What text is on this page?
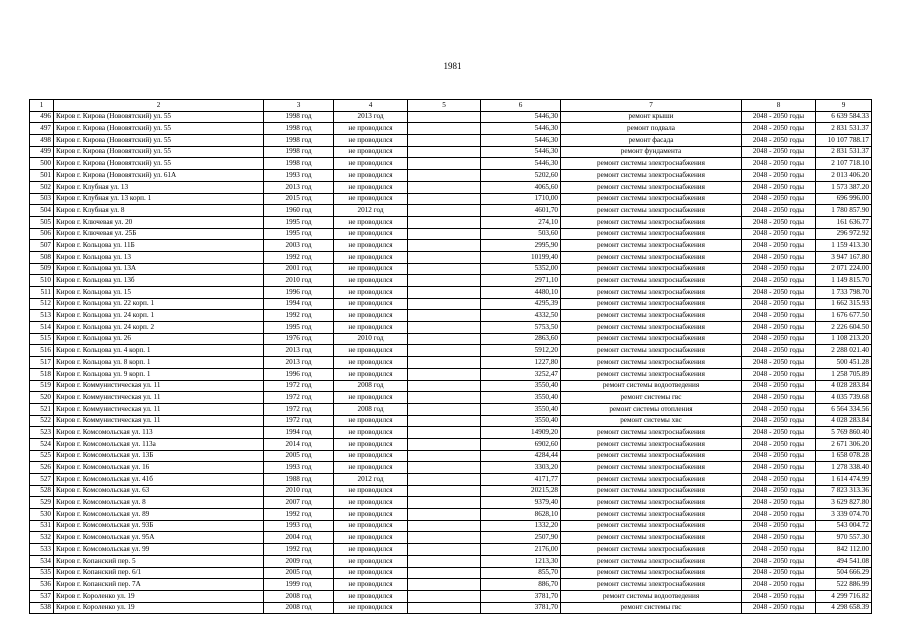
1981
1	2	3	4	5	6	7	8	9
496	Киров г. Кирова (Нововятский) ул. 55	1998 год	2013 год		5446,30	ремонт крыши	2048 - 2050 годы	6 639 584.33
497	Киров г. Кирова (Нововятский) ул. 55	1998 год	не проводился		5446,30	ремонт подвала	2048 - 2050 годы	2 831 531.37
498	Киров г. Кирова (Нововятский) ул. 55	1998 год	не проводился		5446,30	ремонт фасада	2048 - 2050 годы	10 107 788.17
499	Киров г. Кирова (Нововятский) ул. 55	1998 год	не проводился		5446,30	ремонт фундамента	2048 - 2050 годы	2 831 531.37
500	Киров г. Кирова (Нововятский) ул. 55	1998 год	не проводился		5446,30	ремонт системы электроснабжения	2048 - 2050 годы	2 107 718.10
501	Киров г. Кирова (Нововятский) ул. 61А	1993 год	не проводился		5202,60	ремонт системы электроснабжения	2048 - 2050 годы	2 013 406.20
502	Киров г. Клубная ул. 13	2013 год	не проводился		4065,60	ремонт системы электроснабжения	2048 - 2050 годы	1 573 387.20
503	Киров г. Клубная ул. 13 корп. 1	2015 год	не проводился		1710,00	ремонт системы электроснабжения	2048 - 2050 годы	696 996.00
504	Киров г. Клубная ул. 8	1960 год	2012 год		4601,70	ремонт системы электроснабжения	2048 - 2050 годы	1 780 857.90
505	Киров г. Ключевая ул. 20	1995 год	не проводился		274,10	ремонт системы электроснабжения	2048 - 2050 годы	161 636.77
506	Киров г. Ключевая ул. 25Б	1995 год	не проводился		503,60	ремонт системы электроснабжения	2048 - 2050 годы	296 972.92
507	Киров г. Кольцова ул. 11Б	2003 год	не проводился		2995,90	ремонт системы электроснабжения	2048 - 2050 годы	1 159 413.30
508	Киров г. Кольцова ул. 13	1992 год	не проводился		10199,40	ремонт системы электроснабжения	2048 - 2050 годы	3 947 167.80
509	Киров г. Кольцова ул. 13А	2001 год	не проводился		5352,00	ремонт системы электроснабжения	2048 - 2050 годы	2 071 224.00
510	Киров г. Кольцова ул. 13б	2010 год	не проводился		2971,10	ремонт системы электроснабжения	2048 - 2050 годы	1 149 815.70
511	Киров г. Кольцова ул. 15	1996 год	не проводился		4480,10	ремонт системы электроснабжения	2048 - 2050 годы	1 733 798.70
512	Киров г. Кольцова ул. 22 корп. 1	1994 год	не проводился		4295,39	ремонт системы электроснабжения	2048 - 2050 годы	1 662 315.93
513	Киров г. Кольцова ул. 24 корп. 1	1992 год	не проводился		4332,50	ремонт системы электроснабжения	2048 - 2050 годы	1 676 677.50
514	Киров г. Кольцова ул. 24 корп. 2	1995 год	не проводился		5753,50	ремонт системы электроснабжения	2048 - 2050 годы	2 226 604.50
515	Киров г. Кольцова ул. 26	1976 год	2010 год		2863,60	ремонт системы электроснабжения	2048 - 2050 годы	1 108 213.20
516	Киров г. Кольцова ул. 4 корп. 1	2013 год	не проводился		5912,20	ремонт системы электроснабжения	2048 - 2050 годы	2 288 021.40
517	Киров г. Кольцова ул. 8 корп. 1	2013 год	не проводился		1227,80	ремонт системы электроснабжения	2048 - 2050 годы	500 451.28
518	Киров г. Кольцова ул. 9 корп. 1	1996 год	не проводился		3252,47	ремонт системы электроснабжения	2048 - 2050 годы	1 258 705.89
519	Киров г. Коммунистическая ул. 11	1972 год	2008 год		3550,40	ремонт системы водоотведения	2048 - 2050 годы	4 028 283.84
520	Киров г. Коммунистическая ул. 11	1972 год	не проводился		3550,40	ремонт системы гвс	2048 - 2050 годы	4 035 739.68
521	Киров г. Коммунистическая ул. 11	1972 год	2008 год		3550,40	ремонт системы отопления	2048 - 2050 годы	6 564 334.56
522	Киров г. Коммунистическая ул. 11	1972 год	не проводился		3550,40	ремонт системы хвс	2048 - 2050 годы	4 028 283.84
523	Киров г. Комсомольская ул. 113	1994 год	не проводился		14909,20	ремонт системы электроснабжения	2048 - 2050 годы	5 769 860.40
524	Киров г. Комсомольская ул. 113а	2014 год	не проводился		6902,60	ремонт системы электроснабжения	2048 - 2050 годы	2 671 306.20
525	Киров г. Комсомольская ул. 13Б	2005 год	не проводился		4284,44	ремонт системы электроснабжения	2048 - 2050 годы	1 658 078.28
526	Киров г. Комсомольская ул. 16	1993 год	не проводился		3303,20	ремонт системы электроснабжения	2048 - 2050 годы	1 278 338.40
527	Киров г. Комсомольская ул. 41б	1988 год	2012 год		4171,77	ремонт системы электроснабжения	2048 - 2050 годы	1 614 474.99
528	Киров г. Комсомольская ул. 63	2010 год	не проводился		20215,28	ремонт системы электроснабжения	2048 - 2050 годы	7 823 313.36
529	Киров г. Комсомольская ул. 8	2007 год	не проводился		9379,40	ремонт системы электроснабжения	2048 - 2050 годы	3 629 827.80
530	Киров г. Комсомольская ул. 89	1992 год	не проводился		8628,10	ремонт системы электроснабжения	2048 - 2050 годы	3 339 074.70
531	Киров г. Комсомольская ул. 93Б	1993 год	не проводился		1332,20	ремонт системы электроснабжения	2048 - 2050 годы	543 004.72
532	Киров г. Комсомольская ул. 95А	2004 год	не проводился		2507,90	ремонт системы электроснабжения	2048 - 2050 годы	970 557.30
533	Киров г. Комсомольская ул. 99	1992 год	не проводился		2176,00	ремонт системы электроснабжения	2048 - 2050 годы	842 112.00
534	Киров г. Копанский пер. 5	2009 год	не проводился		1213,30	ремонт системы электроснабжения	2048 - 2050 годы	494 541.08
535	Киров г. Копанский пер. 6/1	2005 год	не проводился		855,70	ремонт системы электроснабжения	2048 - 2050 годы	504 666.29
536	Киров г. Копанский пер. 7А	1999 год	не проводился		886,70	ремонт системы электроснабжения	2048 - 2050 годы	522 886.99
537	Киров г. Короленко ул. 19	2008 год	не проводился		3781,70	ремонт системы водоотведения	2048 - 2050 годы	4 299 716.82
538	Киров г. Короленко ул. 19	2008 год	не проводился		3781,70	ремонт системы гвс	2048 - 2050 годы	4 298 658.39
